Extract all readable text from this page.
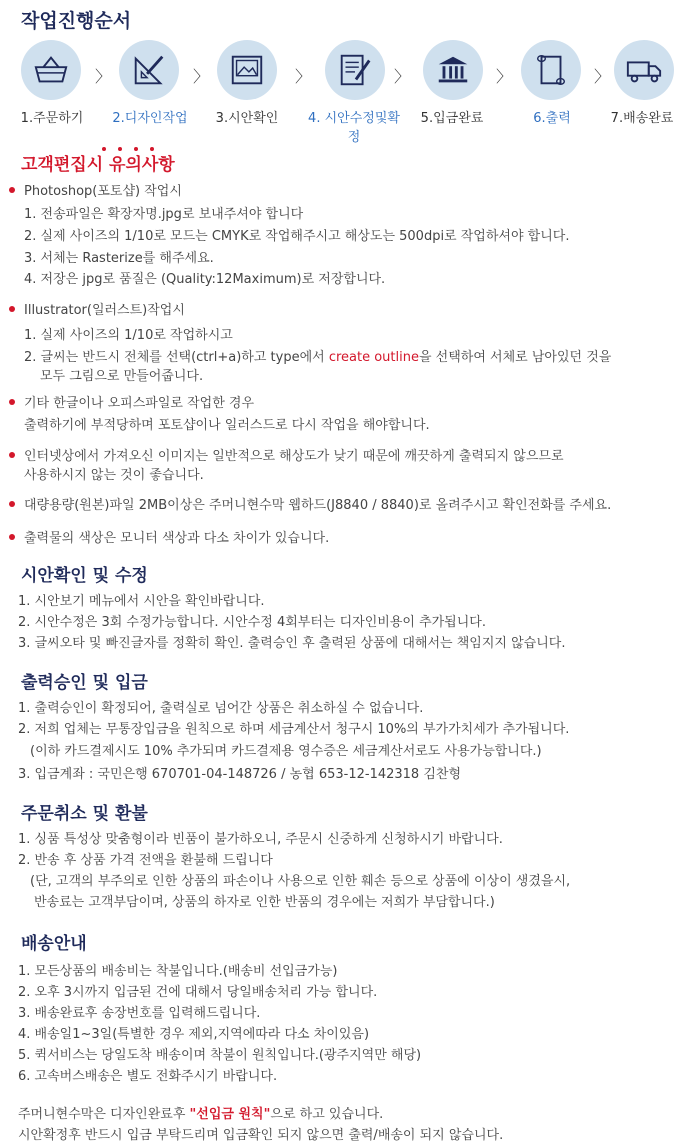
작업진행순서
〉	〉	〉	〉	〉	〉
1.주문하기	2.디자인작업	3.시안확인	4. 시안수정및확정
5.입금완료	6.출력	7.배송완료
고객편집시 유의사항
Photoshop(포토샵) 작업시
1. 전송파일은 확장자명.jpg로 보내주셔야 합니다
2. 실제 사이즈의 1/10로 모드는 CMYK로 작업해주시고 해상도는 500dpi로 작업하셔야 합니다.
3. 서체는 Rasterize를 해주세요.
4. 저장은 jpg로 품질은 (Quality:12Maximum)로 저장합니다.
Illustrator(일러스트)작업시
1. 실제 사이즈의 1/10로 작업하시고
2. 글씨는 반드시 전체를 선택(ctrl+a)하고 type에서 create outline을 선택하여 서체로 남아있던 것을
모두 그림으로 만들어줍니다.
기타 한글이나 오피스파일로 작업한 경우
출력하기에 부적당하며 포토샵이나 일러스드로 다시 작업을 해야합니다.
인터넷상에서 가져오신 이미지는 일반적으로 해상도가 낮기 때문에 깨끗하게 출력되지 않으므로
사용하시지 않는 것이 좋습니다.
대량용량(원본)파일 2MB이상은 주머니현수막 웹하드(J8840 / 8840)로 올려주시고 확인전화를 주세요.
출력물의 색상은 모니터 색상과 다소 차이가 있습니다.
시안확인 및 수정
1. 시안보기 메뉴에서 시안을 확인바랍니다.
2. 시안수정은 3회 수정가능합니다. 시안수정 4회부터는 디자인비용이 추가됩니다.
3. 글씨오타 및 빠진글자를 정확히 확인. 출력승인 후 출력된 상품에 대해서는 책임지지 않습니다.
출력승인 및 입금
1. 출력승인이 확정되어, 출력실로 넘어간 상품은 취소하실 수 없습니다.
2. 저희 업체는 무통장입금을 원칙으로 하며 세금계산서 청구시 10%의 부가가치세가 추가됩니다.
(이하 카드결제시도 10% 추가되며 카드결제용 영수증은 세금계산서로도 사용가능합니다.)
3. 입금계좌 : 국민은행 670701-04-148726 / 농협 653-12-142318 김찬형
주문취소 및 환불
1. 싱품 특성상 맞춤형이라 빈품이 불가하오니, 주문시 신중하게 신청하시기 바랍니다.
2. 반송 후 상품 가격 전액을 환불해 드립니다
(단, 고객의 부주의로 인한 상품의 파손이나 사용으로 인한 훼손 등으로 상품에 이상이 생겼을시,
반송료는 고객부담이며, 상품의 하자로 인한 반품의 경우에는 저희가 부담합니다.)
배송안내
1. 모든상품의 배송비는 착불입니다.(배송비 선입금가능)
2. 오후 3시까지 입금된 건에 대해서 당일배송처리 가능 합니다.
3. 배송완료후 송장번호를 입력해드립니다.
4. 배송일1~3일(특별한 경우 제외,지역에따라 다소 차이있음)
5. 퀵서비스는 당일도착 배송이며 착불이 원칙입니다.(광주지역만 해당)
6. 고속버스배송은 별도 전화주시기 바랍니다.
주머니현수막은 디자인완료후 "선입금 원칙"으로 하고 있습니다.
시안확정후 반드시 입금 부탁드리며 입금확인 되지 않으면 출력/배송이 되지 않습니다.
